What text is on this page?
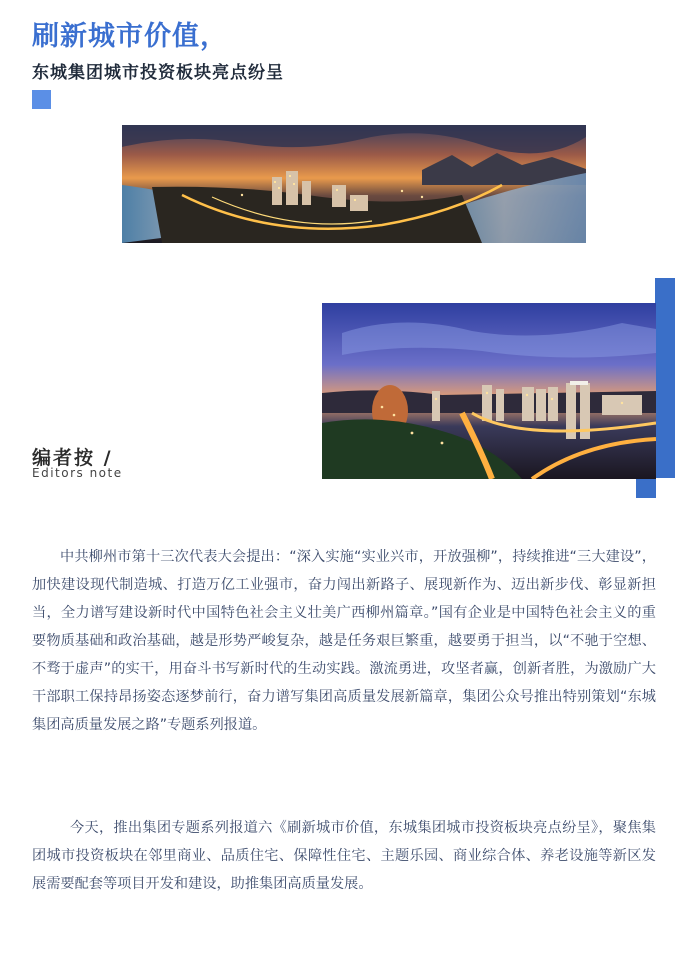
刷新城市价值，
东城集团城市投资板块亮点纷呈
编者按 /
Editors note

中共柳州市第十三次代表大会提出：“深入实施“实业兴市，开放强柳”，持续推进“三大建设”，加快建设现代制造城、打造万亿工业强市，奋力闯出新路子、展现新作为、迈出新步伐、彰显新担当，全力谱写建设新时代中国特色社会主义壮美广西柳州篇章。”国有企业是中国特色社会主义的重要物质基础和政治基础，越是形势严峻复杂，越是任务艰巨繁重，越要勇于担当，以“不驰于空想、不骛于虚声”的实干，用奋斗书写新时代的生动实践。激流勇进，攻坚者赢，创新者胜，为激励广大干部职工保持昂扬姿态逐梦前行，奋力谱写集团高质量发展新篇章，集团公众号推出特别策划“东城集团高质量发展之路”专题系列报道。

今天，推出集团专题系列报道六《刷新城市价值，东城集团城市投资板块亮点纷呈》，聚焦集团城市投资板块在邻里商业、品质住宅、保障性住宅、主题乐园、商业综合体、养老设施等新区发展需要配套等项目开发和建设，助推集团高质量发展。
